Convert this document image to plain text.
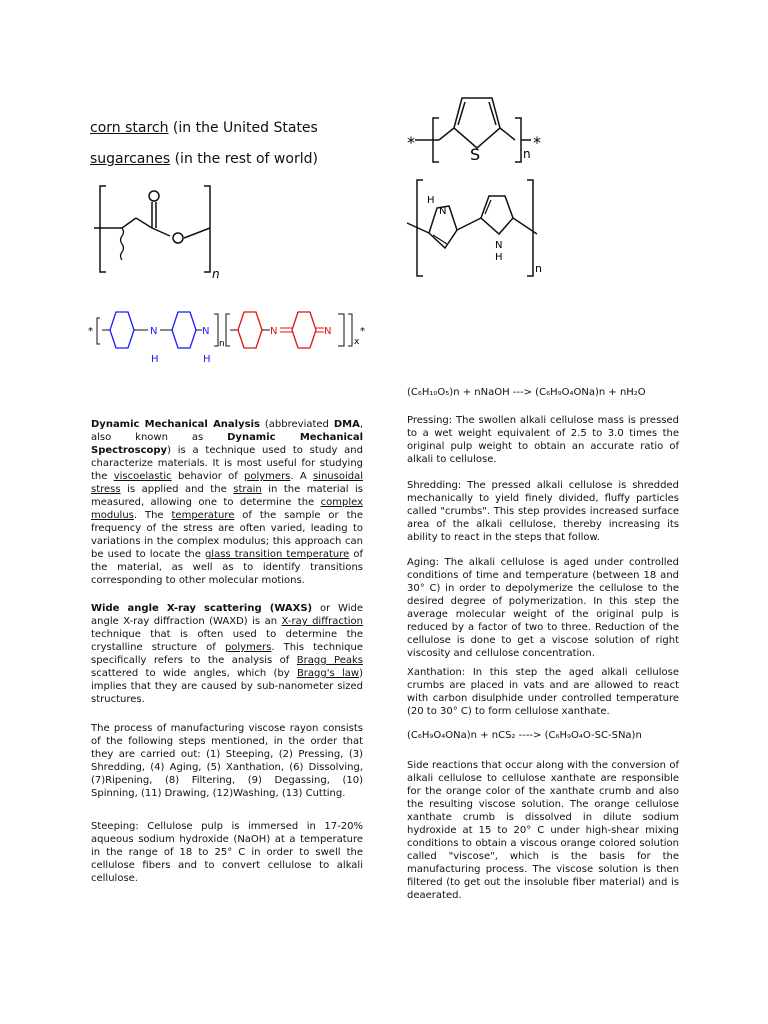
corn starch (in the United States
sugarcanes (in the rest of world)
*
S	n
*
H
N
N
H
n
n
*	N
H
N
H
n
N	N
x
*
(C₆H₁₀O₅)n + nNaOH ---> (C₆H₉O₄ONa)n + nH₂O

Dynamic Mechanical Analysis (abbreviated DMA, also known as Dynamic Mechanical Spectroscopy) is a technique used to study and characterize materials. It is most useful for studying the viscoelastic behavior of polymers. A sinusoidal stress is applied and the strain in the material is measured, allowing one to determine the complex modulus. The temperature of the sample or the frequency of the stress are often varied, leading to variations in the complex modulus; this approach can be used to locate the glass transition temperature of the material, as well as to identify transitions corresponding to other molecular motions.

Wide angle X-ray scattering (WAXS) or Wide angle X-ray diffraction (WAXD) is an X-ray diffraction technique that is often used to determine the crystalline structure of polymers. This technique specifically refers to the analysis of Bragg Peaks scattered to wide angles, which (by Bragg's law) implies that they are caused by sub-nanometer sized structures.

The process of manufacturing viscose rayon consists of the following steps mentioned, in the order that they are carried out: (1) Steeping, (2) Pressing, (3) Shredding, (4) Aging, (5) Xanthation, (6) Dissolving, (7)Ripening, (8) Filtering, (9) Degassing, (10) Spinning, (11) Drawing, (12)Washing, (13) Cutting.

Steeping: Cellulose pulp is immersed in 17-20% aqueous sodium hydroxide (NaOH) at a temperature in the range of 18 to 25° C in order to swell the cellulose fibers and to convert cellulose to alkali cellulose.

Pressing: The swollen alkali cellulose mass is pressed to a wet weight equivalent of 2.5 to 3.0 times the original pulp weight to obtain an accurate ratio of alkali to cellulose.

Shredding: The pressed alkali cellulose is shredded mechanically to yield finely divided, fluffy particles called "crumbs". This step provides increased surface area of the alkali cellulose, thereby increasing its ability to react in the steps that follow.

Aging: The alkali cellulose is aged under controlled conditions of time and temperature (between 18 and 30° C) in order to depolymerize the cellulose to the desired degree of polymerization. In this step the average molecular weight of the original pulp is reduced by a factor of two to three. Reduction of the cellulose is done to get a viscose solution of right viscosity and cellulose concentration.

Xanthation: In this step the aged alkali cellulose crumbs are placed in vats and are allowed to react with carbon disulphide under controlled temperature (20 to 30° C) to form cellulose xanthate.

(C₆H₉O₄ONa)n + nCS₂ ----> (C₆H₉O₄O-SC-SNa)n

Side reactions that occur along with the conversion of alkali cellulose to cellulose xanthate are responsible for the orange color of the xanthate crumb and also the resulting viscose solution. The orange cellulose xanthate crumb is dissolved in dilute sodium hydroxide at 15 to 20° C under high-shear mixing conditions to obtain a viscous orange colored solution called "viscose", which is the basis for the manufacturing process. The viscose solution is then filtered (to get out the insoluble fiber material) and is deaerated.
